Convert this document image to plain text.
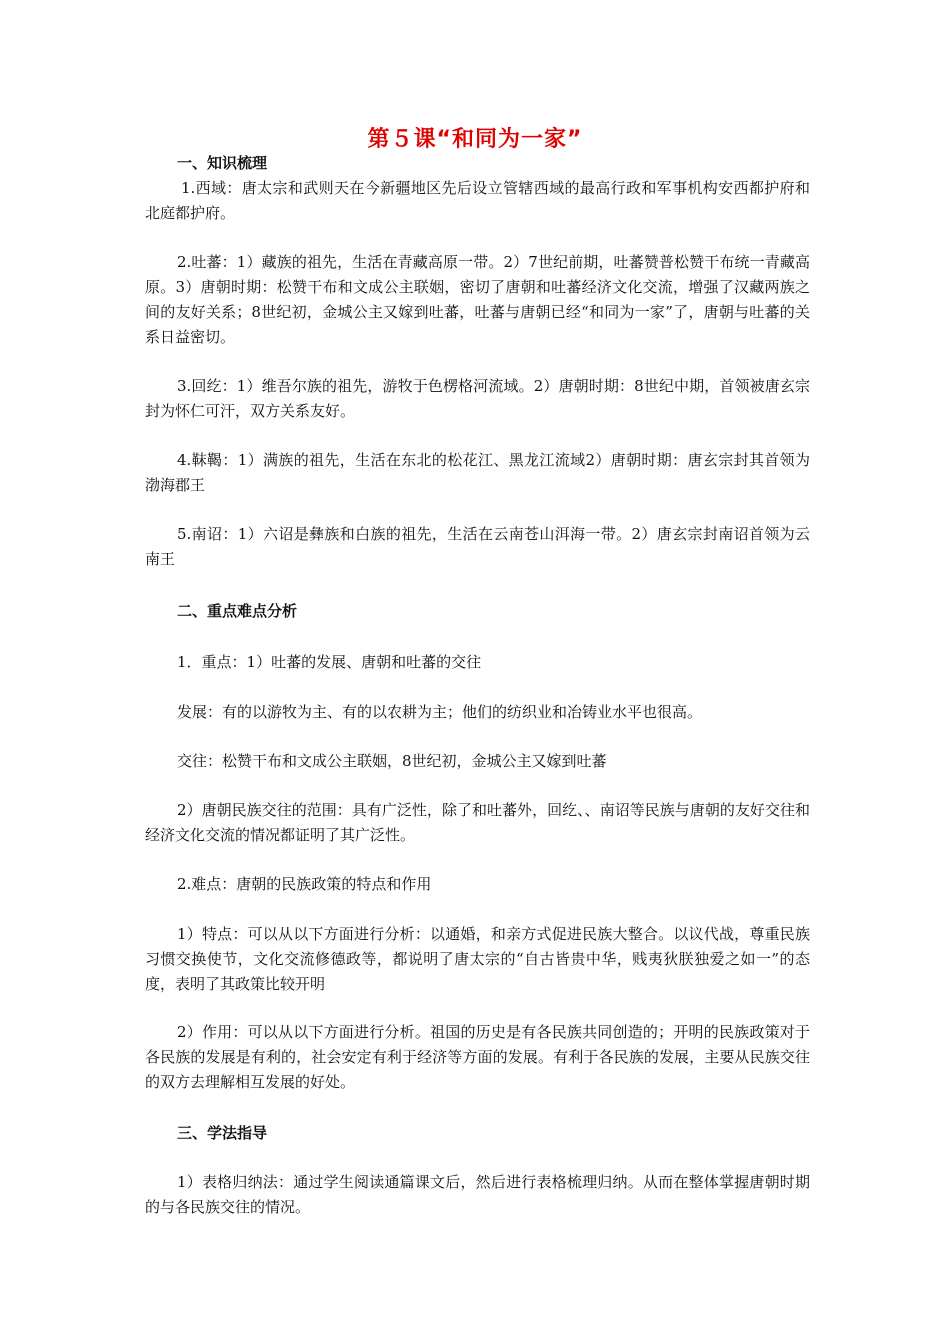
第５课“和同为一家”
一、知识梳理
1.西域：唐太宗和武则天在今新疆地区先后设立管辖西域的最高行政和军事机构安西都护府和北庭都护府。
2.吐蕃：1）藏族的祖先，生活在青藏高原一带。2）7世纪前期，吐蕃赞普松赞干布统一青藏高原。3）唐朝时期：松赞干布和文成公主联姻，密切了唐朝和吐蕃经济文化交流，增强了汉藏两族之间的友好关系；8世纪初，金城公主又嫁到吐蕃，吐蕃与唐朝已经“和同为一家”了，唐朝与吐蕃的关系日益密切。
3.回纥：1）维吾尔族的祖先，游牧于色楞格河流域。2）唐朝时期：8世纪中期，首领被唐玄宗封为怀仁可汗，双方关系友好。
4.靺鞨：1）满族的祖先，生活在东北的松花江、黑龙江流域2）唐朝时期：唐玄宗封其首领为渤海郡王
5.南诏：1）六诏是彝族和白族的祖先，生活在云南苍山洱海一带。2）唐玄宗封南诏首领为云南王
二、重点难点分析
1．重点：1）吐蕃的发展、唐朝和吐蕃的交往
发展：有的以游牧为主、有的以农耕为主；他们的纺织业和冶铸业水平也很高。
交往：松赞干布和文成公主联姻，8世纪初，金城公主又嫁到吐蕃
2）唐朝民族交往的范围：具有广泛性，除了和吐蕃外，回纥、、南诏等民族与唐朝的友好交往和经济文化交流的情况都证明了其广泛性。
2.难点：唐朝的民族政策的特点和作用
1）特点：可以从以下方面进行分析：以通婚，和亲方式促进民族大整合。以议代战，尊重民族习惯交换使节，文化交流修德政等，都说明了唐太宗的“自古皆贵中华，贱夷狄朕独爱之如一”的态度，表明了其政策比较开明
2）作用：可以从以下方面进行分析。祖国的历史是有各民族共同创造的；开明的民族政策对于各民族的发展是有利的，社会安定有利于经济等方面的发展。有利于各民族的发展，主要从民族交往的双方去理解相互发展的好处。
三、学法指导
1）表格归纳法：通过学生阅读通篇课文后，然后进行表格梳理归纳。从而在整体掌握唐朝时期的与各民族交往的情况。
